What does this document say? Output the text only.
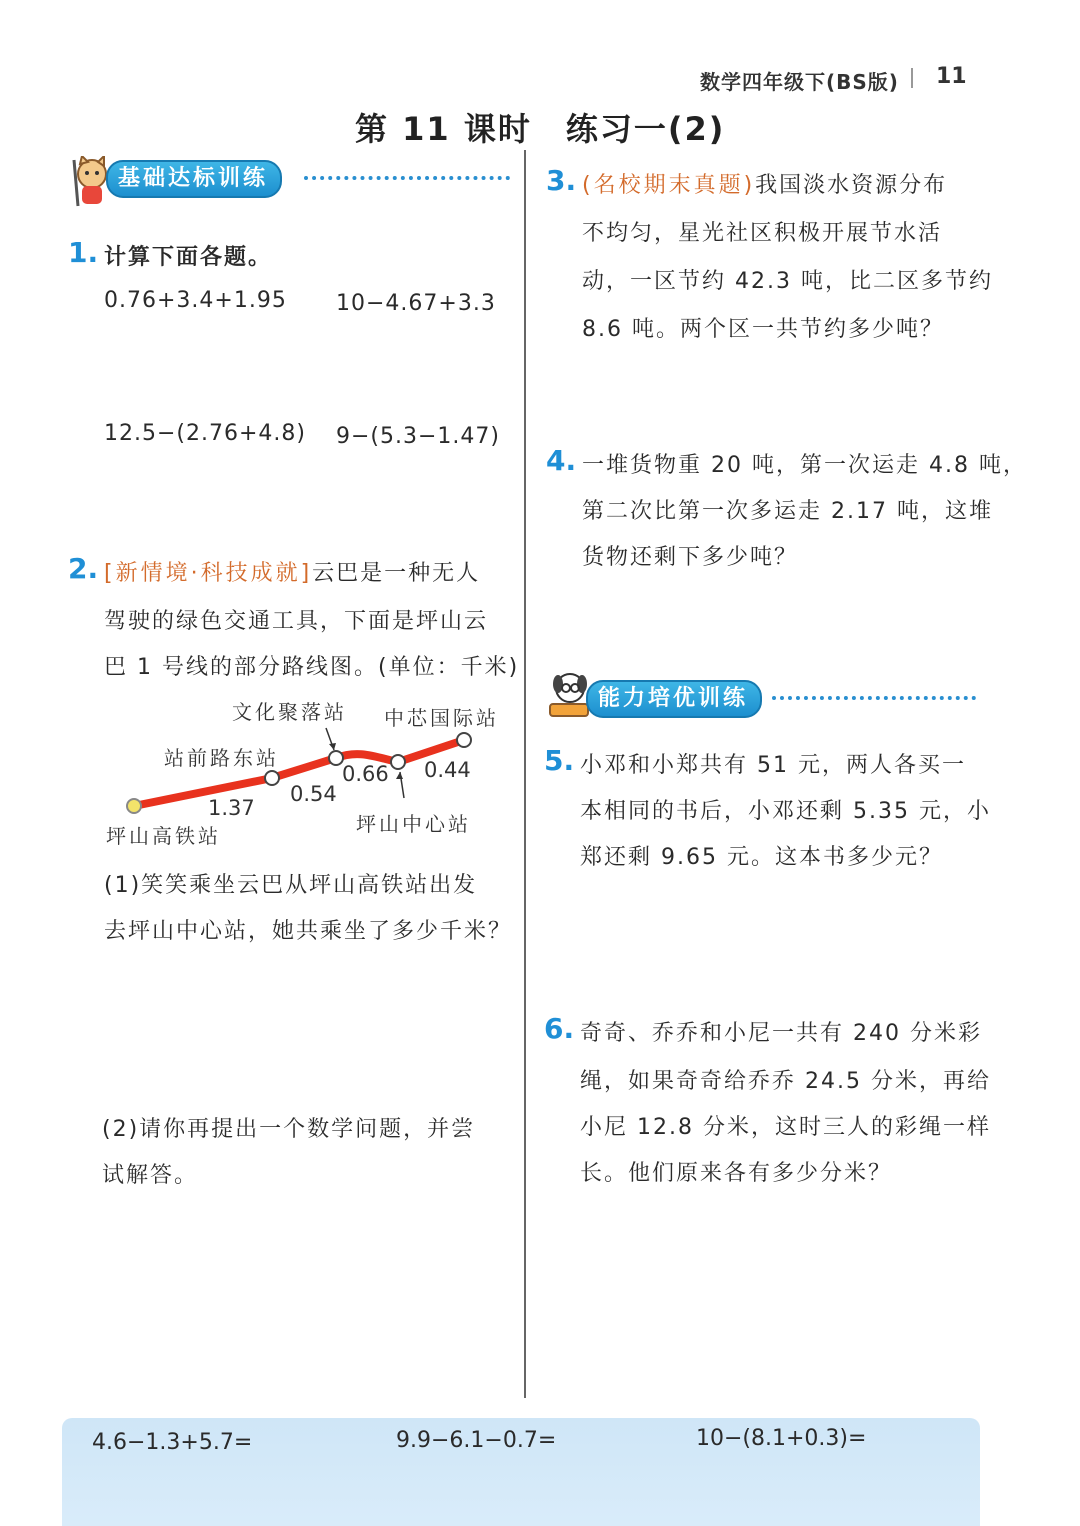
数学四年级下(BS版) 11
第 11 课时　练习一(2)
基础达标训练
1. 计算下面各题。
0.76+3.4+1.95 10−4.67+3.3
12.5−(2.76+4.8) 9−(5.3−1.47)
2. [新情境·科技成就]云巴是一种无人
驾驶的绿色交通工具，下面是坪山云
巴 1 号线的部分路线图。(单位：千米)
文化聚落站 中芯国际站
站前路东站
坪山高铁站	坪山中心站
1.37
0.54
0.66 0.44
(1)笑笑乘坐云巴从坪山高铁站出发
去坪山中心站，她共乘坐了多少千米？
(2)请你再提出一个数学问题，并尝
试解答。
3. (名校期末真题)我国淡水资源分布
不均匀，星光社区积极开展节水活
动，一区节约 42.3 吨，比二区多节约
8.6 吨。两个区一共节约多少吨？
4. 一堆货物重 20 吨，第一次运走 4.8 吨，
第二次比第一次多运走 2.17 吨，这堆
货物还剩下多少吨？
能力培优训练
5. 小邓和小郑共有 51 元，两人各买一
本相同的书后，小邓还剩 5.35 元，小
郑还剩 9.65 元。这本书多少元？
6. 奇奇、乔乔和小尼一共有 240 分米彩
绳，如果奇奇给乔乔 24.5 分米，再给
小尼 12.8 分米，这时三人的彩绳一样
长。他们原来各有多少分米？
4.6−1.3+5.7=	9.9−6.1−0.7=	10−(8.1+0.3)=
